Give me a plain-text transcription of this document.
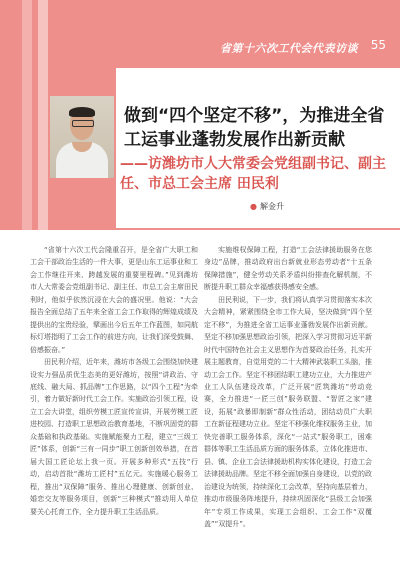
省第十六次工代会代表访谈 55
做到“四个坚定不移”，为推进全省工运事业蓬勃发展作出新贡献
——访潍坊市人大常委会党组副书记、副主任、市总工会主席 田民利
● 解金升

“省第十六次工代会隆重召开，是全省广大职工和工会干部政治生活的一件大事，更是山东工运事业和工会工作继往开来、跨越发展的重要里程碑。”见到潍坊市人大常委会党组副书记、副主任、市总工会主席田民利时，他似乎依然沉浸在大会的盛况里。他说：“大会报告全面总结了五年来全省工会工作取得的辉煌成绩及提供出的宝贵经验，擘画出今后五年工作蓝图，如同航标灯塔指明了工会工作的前进方向，让我们深受鼓舞、倍感振奋。”

田民利介绍，近年来，潍坊市各级工会围绕加快建设实力强品质优生态美的更好潍坊，按照“讲政治、守底线、融大局、抓品牌”工作思路，以“四个工程”为牵引，着力做好新时代工会工作。实施政治引领工程，设立工会大讲堂，组织劳模工匠宣传宣讲，开展劳模工匠进校园、打造职工思想政治教育基地，不断巩固党的群众基础和执政基础。实施赋能聚力工程，建立“三级工匠”体系，创新“三有一同步”职工创新创效举措，在首届大国工匠论坛上我一页。开展多种形式“五技”行动，启动首批“潍坊工匠村”五亿元。实施暖心服务工程，推出“双保障”服务、推出心理健康、创新创业、婚恋交友等服务项目，创新“三种模式”推动用人单位要关心托育工作，全力提升职工生活品质。

实施维权保障工程，打造“工会法律援助服务在您身边”品牌，推动政府出台新就业形态劳动者“十五条保障措施”，健全劳动关系矛盾纠纷排查化解机制，不断提升职工群众幸福感获得感安全感。

田民利说，下一步，我们将认真学习贯彻落实本次大会精神，紧紧围绕全市工作大局，坚决做到“四个坚定不移”，为推进全省工运事业蓬勃发展作出新贡献。坚定不移加强思想政治引领，把深入学习贯彻习近平新时代中国特色社会主义思想作为首要政治任务，扎实开展主题教育，自觉用党的二十大精神武装职工头脑，推动工会工作。坚定不移团结职工建功立业，大力推进产业工人队伍建设改革，广泛开展“匠筑潍坊”劳动竞赛，全力推进“一匠三创”服务联盟、“智匠之家”建设，拓展“政暴即制新”群众性活动，团结动员广大职工在新征程建功立业。坚定不移强化维权服务主业，加快完善职工服务体系，深化“一站式”服务职工，困难群体等职工生活品质方面的服务体系，立体化推进市、县、镇、企业工会法律援助机构实体化建设，打造工会法律援助品牌。坚定不移全面加强自身建设，以党的政治建设为统领，持续深化工会改革，坚持向基层着力，推动市级服务阵地提升，持续巩固深化“县级工会加强年”专项工作成果，实现工会组织、工会工作“双覆盖”“双提升”。
